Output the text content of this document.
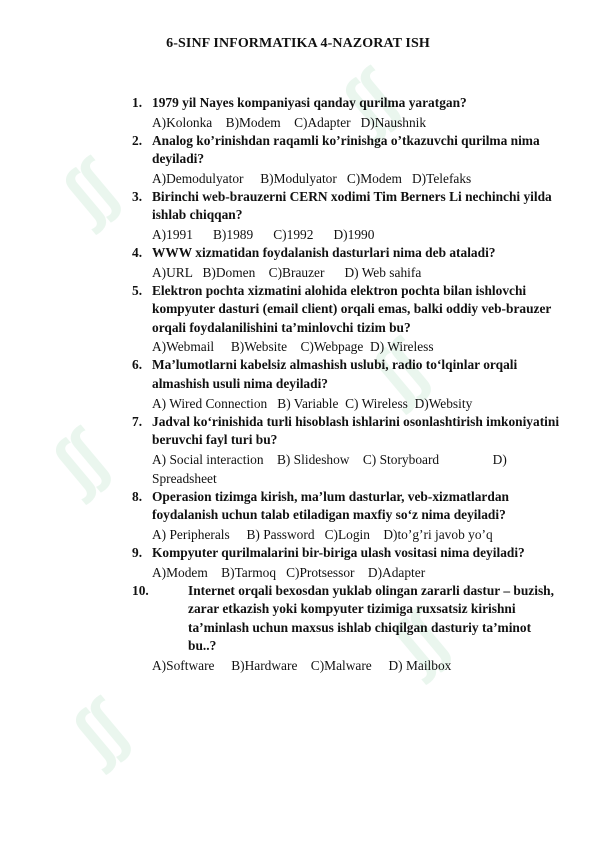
∫∫
∫∫
∫∫
∫∫
∫∫
∫∫
6-SINF INFORMATIKA 4-NAZORAT ISH
1. 1979 yil Nayes kompaniyasi qanday qurilma yaratgan?
A)Kolonka    B)Modem    C)Adapter   D)Naushnik
2. Analog ko’rinishdan raqamli ko’rinishga o’tkazuvchi qurilma nima deyiladi?
A)Demodulyator     B)Modulyator   C)Modem   D)Telefaks
3. Birinchi web-brauzerni CERN xodimi Tim Berners Li nechinchi yilda ishlab chiqqan?
A)1991      B)1989      C)1992      D)1990
4. WWW xizmatidan foydalanish dasturlari nima deb ataladi?
A)URL   B)Domen    C)Brauzer      D) Web sahifa
5. Elektron pochta xizmatini alohida elektron pochta bilan ishlovchi kompyuter dasturi (email client) orqali emas, balki oddiy veb-brauzer orqali foydalanilishini ta’minlovchi tizim bu?
A)Webmail     B)Website    C)Webpage  D) Wireless
6. Ma’lumotlarni kabelsiz almashish uslubi, radio to‘lqinlar orqali almashish usuli nima deyiladi?
A) Wired Connection   B) Variable  C) Wireless  D)Websity
7. Jadval ko‘rinishida turli hisoblash ishlarini osonlashtirish imkoniyatini beruvchi fayl turi bu?
A) Social interaction    B) Slideshow    C) Storyboard                D)
Spreadsheet
8. Operasion tizimga kirish, ma’lum dasturlar, veb-xizmatlardan foydalanish uchun talab etiladigan maxfiy so‘z nima deyiladi?
A) Peripherals     B) Password   C)Login    D)to’g’ri javob yo’q
9. Kompyuter qurilmalarini bir-biriga ulash vositasi nima deyiladi?
A)Modem    B)Tarmoq   C)Protsessor    D)Adapter
10.	Internet orqali bexosdan yuklab olingan zararli dastur – buzish, zarar etkazish yoki kompyuter tizimiga ruxsatsiz kirishni ta’minlash uchun maxsus ishlab chiqilgan dasturiy ta’minot bu..?
A)Software     B)Hardware    C)Malware     D) Mailbox
